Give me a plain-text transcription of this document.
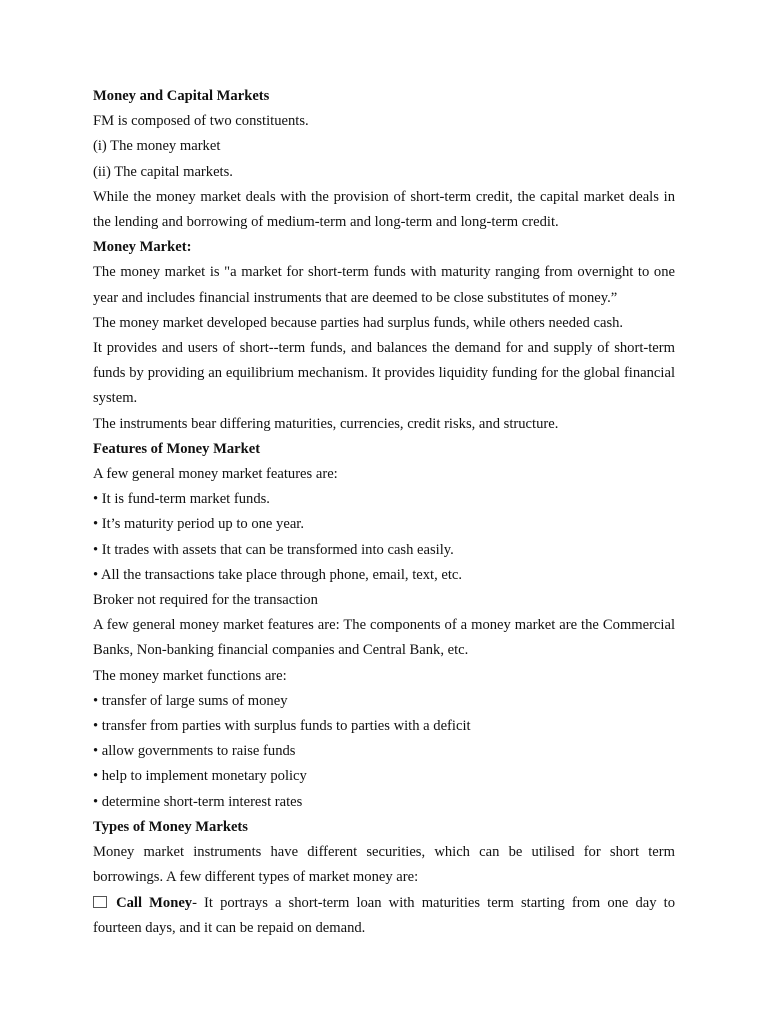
Money and Capital Markets

FM is composed of two constituents.

(i) The money market

(ii) The capital markets.

While the money market deals with the provision of short-term credit, the capital market deals in the lending and borrowing of medium-term and long-term and long-term credit.

Money Market:

The money market is "a market for short-term funds with maturity ranging from overnight to one year and includes financial instruments that are deemed to be close substitutes of money.”

The money market developed because parties had surplus funds, while others needed cash.

It provides and users of short--term funds, and balances the demand for and supply of short-term funds by providing an equilibrium mechanism. It provides liquidity funding for the global financial system.

The instruments bear differing maturities, currencies, credit risks, and structure.

Features of Money Market

A few general money market features are:

• It is fund-term market funds.

• It’s maturity period up to one year.

• It trades with assets that can be transformed into cash easily.

• All the transactions take place through phone, email, text, etc.

Broker not required for the transaction

A few general money market features are: The components of a money market are the Commercial Banks, Non-banking financial companies and Central Bank, etc.

The money market functions are:

• transfer of large sums of money

• transfer from parties with surplus funds to parties with a deficit

• allow governments to raise funds

• help to implement monetary policy

• determine short-term interest rates

Types of Money Markets

Money market instruments have different securities, which can be utilised for short term borrowings. A few different types of market money are:

Call Money- It portrays a short-term loan with maturities term starting from one day to fourteen days, and it can be repaid on demand.
